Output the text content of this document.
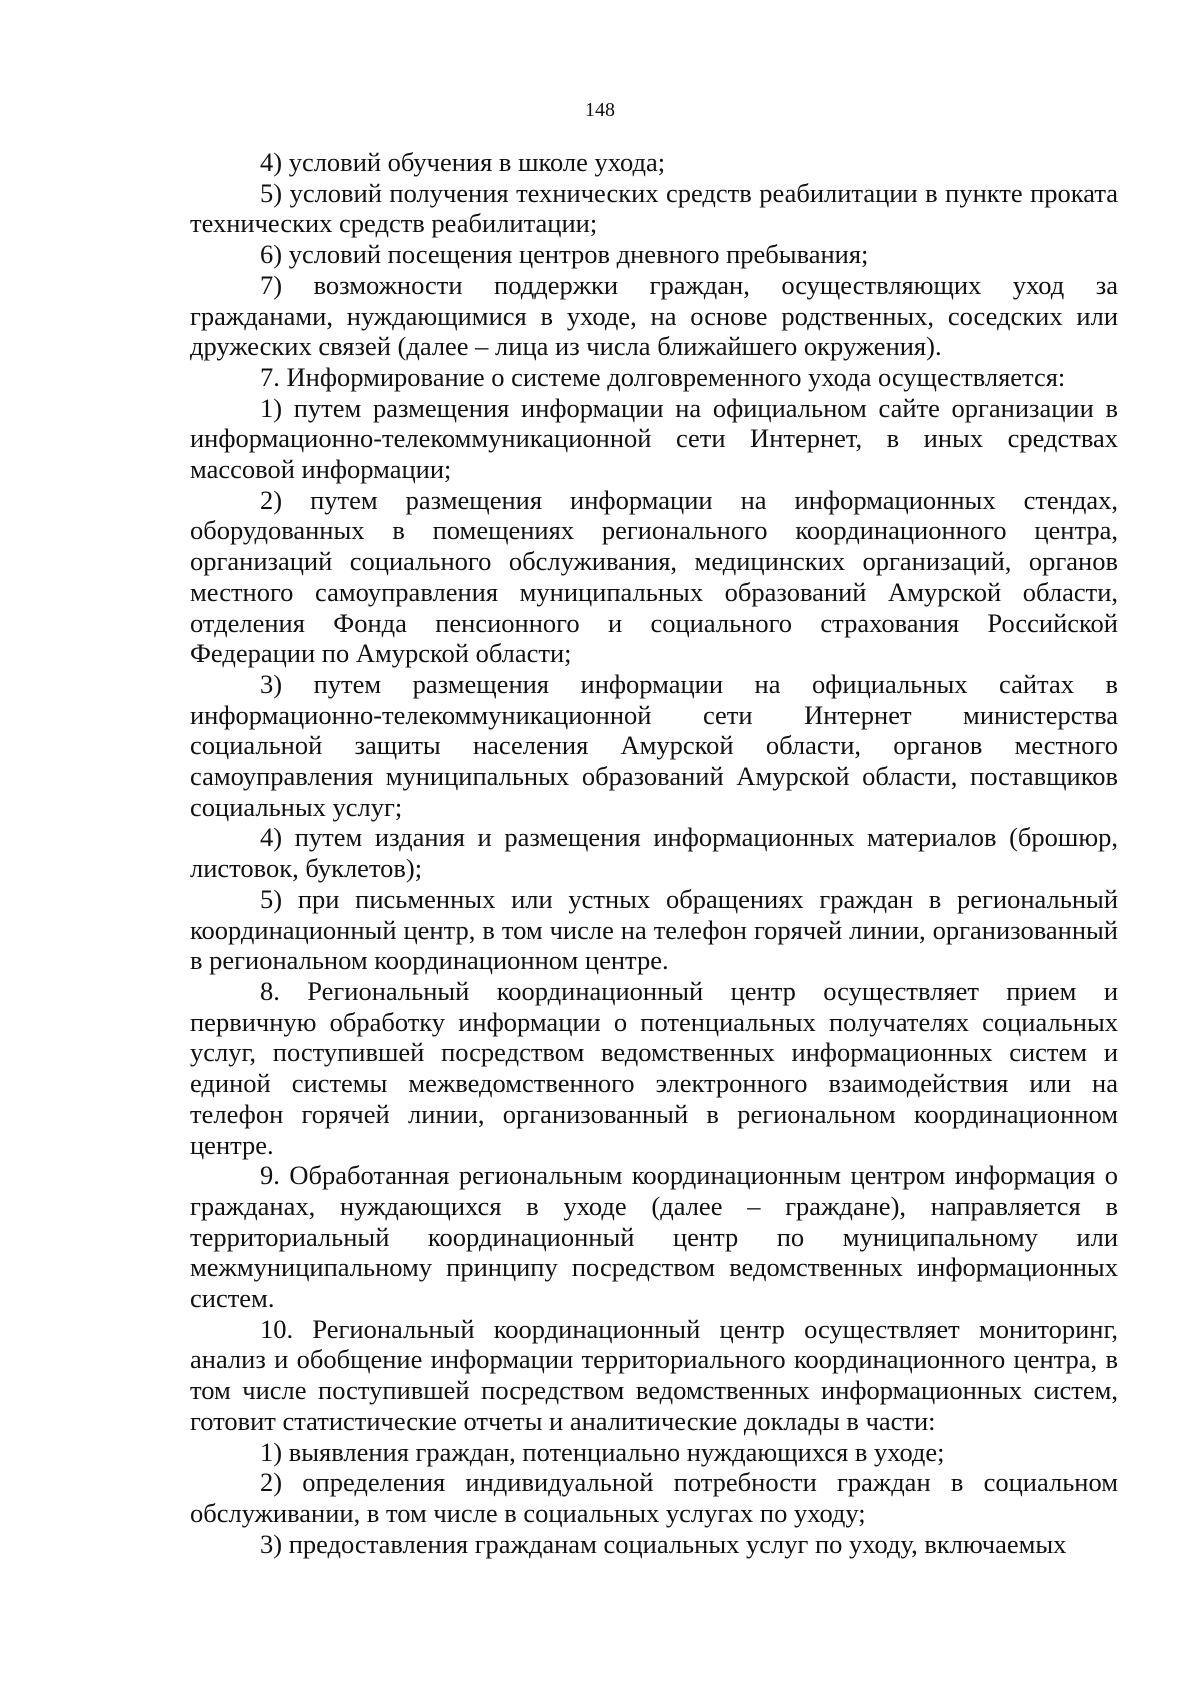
148

4) условий обучения в школе ухода;

5) условий получения технических средств реабилитации в пункте проката технических средств реабилитации;

6) условий посещения центров дневного пребывания;

7) возможности поддержки граждан, осуществляющих уход за гражданами, нуждающимися в уходе, на основе родственных, соседских или дружеских связей (далее – лица из числа ближайшего окружения).

7. Информирование о системе долговременного ухода осуществляется:

1) путем размещения информации на официальном сайте организации в информационно-телекоммуникационной сети Интернет, в иных средствах массовой информации;

2) путем размещения информации на информационных стендах, оборудованных в помещениях регионального координационного центра, организаций социального обслуживания, медицинских организаций, органов местного самоуправления муниципальных образований Амурской области, отделения Фонда пенсионного и социального страхования Российской Федерации по Амурской области;

3) путем размещения информации на официальных сайтах в информационно-телекоммуникационной сети Интернет министерства социальной защиты населения Амурской области, органов местного самоуправления муниципальных образований Амурской области, поставщиков социальных услуг;

4) путем издания и размещения информационных материалов (брошюр, листовок, буклетов);

5) при письменных или устных обращениях граждан в региональный координационный центр, в том числе на телефон горячей линии, организованный в региональном координационном центре.

8. Региональный координационный центр осуществляет прием и первичную обработку информации о потенциальных получателях социальных услуг, поступившей посредством ведомственных информационных систем и единой системы межведомственного электронного взаимодействия или на телефон горячей линии, организованный в региональном координационном центре.

9. Обработанная региональным координационным центром информация о гражданах, нуждающихся в уходе (далее – граждане), направляется в территориальный координационный центр по муниципальному или межмуниципальному принципу посредством ведомственных информационных систем.

10. Региональный координационный центр осуществляет мониторинг, анализ и обобщение информации территориального координационного центра, в том числе поступившей посредством ведомственных информационных систем, готовит статистические отчеты и аналитические доклады в части:

1) выявления граждан, потенциально нуждающихся в уходе;

2) определения индивидуальной потребности граждан в социальном обслуживании, в том числе в социальных услугах по уходу;

3) предоставления гражданам социальных услуг по уходу, включаемых
